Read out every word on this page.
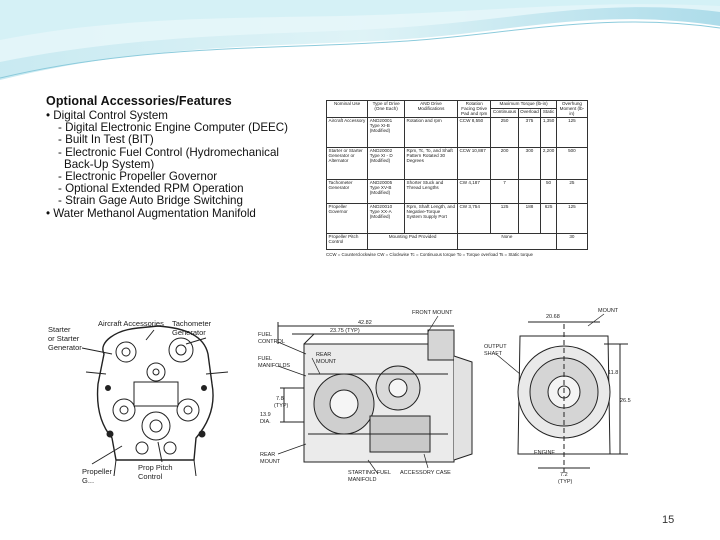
Optional Accessories/Features
• Digital Control System
- Digital Electronic Engine Computer (DEEC)
- Built In Test (BIT)
- Electronic Fuel Control (Hydromechanical
Back-Up System)
- Electronic Propeller Governor
- Optional Extended RPM Operation
- Strain Gage Auto Bridge Switching
• Water Methanol Augmentation Manifold
Nominal Use	Type of Drive (One Each)	AND Drive Modifications	Rotation Facing Drive Pad and rpm	Maximum Torque (lb-in)			Overhung Moment (lb-in)
				Continuous	Overload	Static	
Aircraft Accessory	AND20001 Type XI-B (Modified)	Rotation and rpm	CCW 8,550	250	375	1,350	125
Starter or Starter Generator or Alternator	AND20002 Type XI - D (Modified)	Rpm, Tc, To, and Shaft Pattern Rotated 30 Degrees	CCW 10,887	200	300	2,200	500
Tachometer Generator	AND20005 Type XV-B (Modified)	Shorter Stuck and Thread Lengths	CW 4,187	7		50	25
Propeller Governor	AND20010 Type XX-A (Modified)	Rpm, Shaft Length, and Negative-Torque System Supply Port	CW 3,754	125	188	625	125
Propeller Pitch Control	Mounting Pad Provided		None				30
CCW = Counterclockwise CW = Clockwise Tc = Continuous torque To = Torque overload Ts = Static torque
Aircraft Accessories
Starter
or Starter
Generator
Tachometer
Generator
Propeller
G...
Prop Pitch
Control
FRONT MOUNT
FUEL
CONTROL
FUEL
MANIFOLDS
REAR
MOUNT
REAR
MOUNT
42.82
23.75 (TYP)
7.8
(TYP)
13.9
DIA.
STARTING FUEL
MANIFOLD
ACCESSORY CASE
20.68
MOUNT
OUTPUT
SHAFT
11.8
26.5
ENGINE
7.2
(TYP)
15
